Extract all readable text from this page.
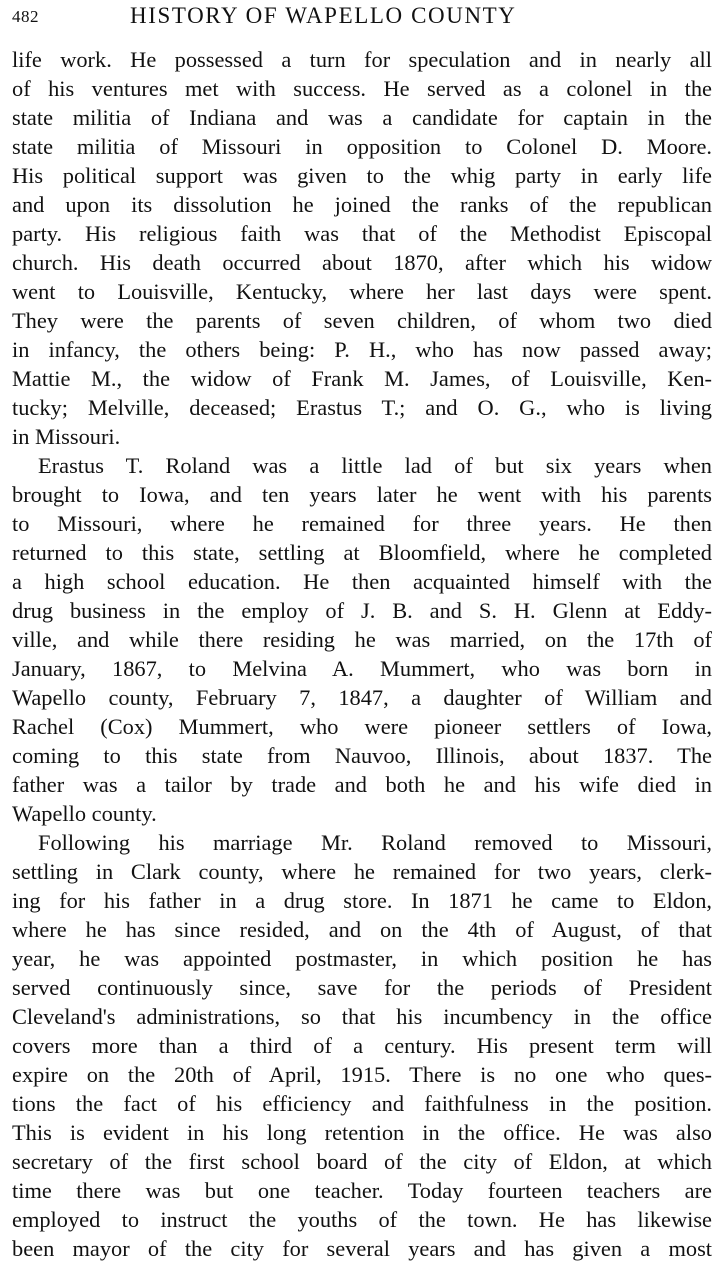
482	HISTORY OF WAPELLO COUNTY
life work. He possessed a turn for speculation and in nearly all
of his ventures met with success. He served as a colonel in the
state militia of Indiana and was a candidate for captain in the
state militia of Missouri in opposition to Colonel D. Moore.
His political support was given to the whig party in early life
and upon its dissolution he joined the ranks of the republican
party. His religious faith was that of the Methodist Episcopal
church. His death occurred about 1870, after which his widow
went to Louisville, Kentucky, where her last days were spent.
They were the parents of seven children, of whom two died
in infancy, the others being: P. H., who has now passed away;
Mattie M., the widow of Frank M. James, of Louisville, Ken-
tucky; Melville, deceased; Erastus T.; and O. G., who is living
in Missouri.
Erastus T. Roland was a little lad of but six years when
brought to Iowa, and ten years later he went with his parents
to Missouri, where he remained for three years. He then
returned to this state, settling at Bloomfield, where he completed
a high school education. He then acquainted himself with the
drug business in the employ of J. B. and S. H. Glenn at Eddy-
ville, and while there residing he was married, on the 17th of
January, 1867, to Melvina A. Mummert, who was born in
Wapello county, February 7, 1847, a daughter of William and
Rachel (Cox) Mummert, who were pioneer settlers of Iowa,
coming to this state from Nauvoo, Illinois, about 1837. The
father was a tailor by trade and both he and his wife died in
Wapello county.
Following his marriage Mr. Roland removed to Missouri,
settling in Clark county, where he remained for two years, clerk-
ing for his father in a drug store. In 1871 he came to Eldon,
where he has since resided, and on the 4th of August, of that
year, he was appointed postmaster, in which position he has
served continuously since, save for the periods of President
Cleveland's administrations, so that his incumbency in the office
covers more than a third of a century. His present term will
expire on the 20th of April, 1915. There is no one who ques-
tions the fact of his efficiency and faithfulness in the position.
This is evident in his long retention in the office. He was also
secretary of the first school board of the city of Eldon, at which
time there was but one teacher. Today fourteen teachers are
employed to instruct the youths of the town. He has likewise
been mayor of the city for several years and has given a most
